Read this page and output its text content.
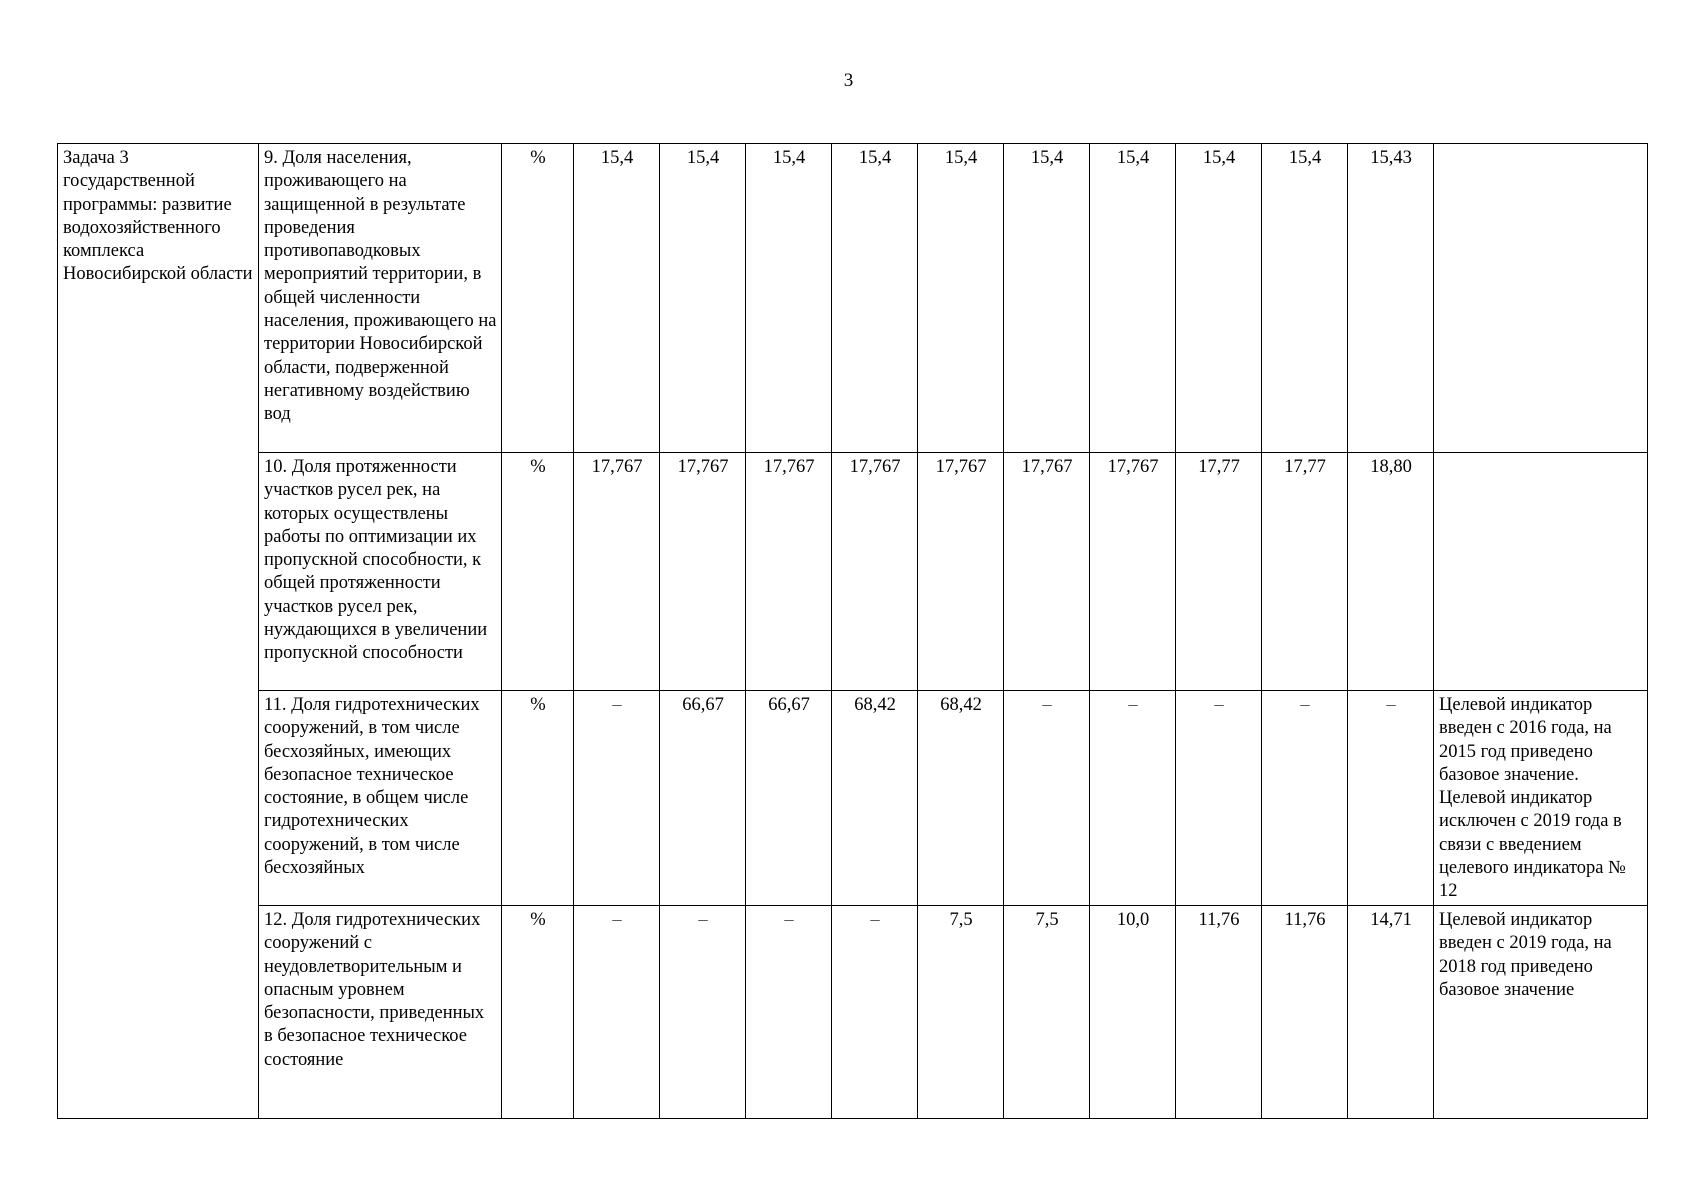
3
Задача 3 государственной программы: развитие водохозяйственного комплекса Новосибирской области	9. Доля населения, проживающего на защищенной в результате проведения противопаводковых мероприятий территории, в общей численности населения, проживающего на территории Новосибирской области, подверженной негативному воздействию вод	%	15,4	15,4	15,4	15,4	15,4	15,4	15,4	15,4	15,4	15,43	
	10. Доля протяженности участков русел рек, на которых осуществлены работы по оптимизации их пропускной способности, к общей протяженности участков русел рек, нуждающихся в увеличении пропускной способности	%	17,767	17,767	17,767	17,767	17,767	17,767	17,767	17,77	17,77	18,80	
	11. Доля гидротехнических сооружений, в том числе бесхозяйных, имеющих безопасное техническое состояние, в общем числе гидротехнических сооружений, в том числе бесхозяйных	%	–	66,67	66,67	68,42	68,42	–	–	–	–	–	Целевой индикатор введен с 2016 года, на 2015 год приведено базовое значение. Целевой индикатор исключен с 2019 года в связи с введением целевого индикатора № 12
	12. Доля гидротехнических сооружений с неудовлетворительным и опасным уровнем безопасности, приведенных в безопасное техническое состояние	%	–	–	–	–	7,5	7,5	10,0	11,76	11,76	14,71	Целевой индикатор введен с 2019 года, на 2018 год приведено базовое значение
